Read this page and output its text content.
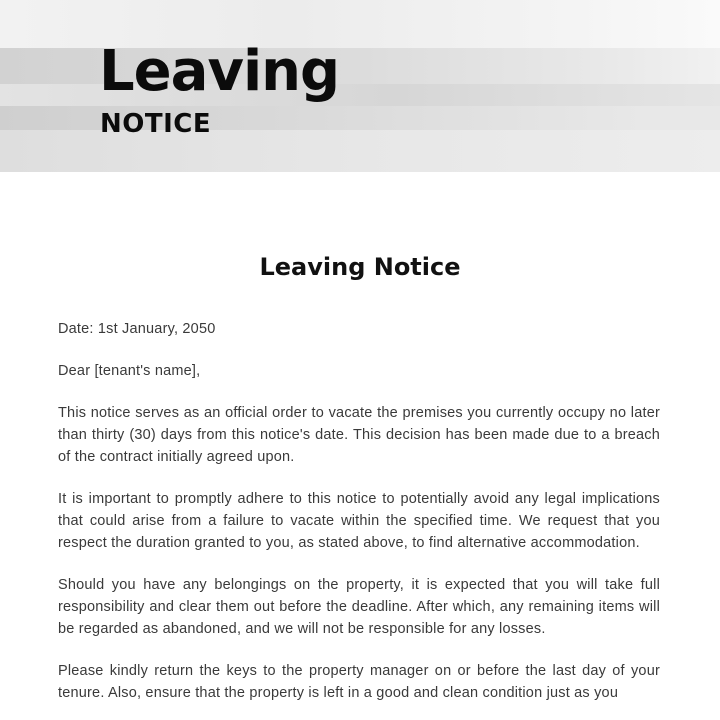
Leaving
NOTICE
Leaving Notice

Date: 1st January, 2050

Dear [tenant's name],

This notice serves as an official order to vacate the premises you currently occupy no later than thirty (30) days from this notice's date. This decision has been made due to a breach of the contract initially agreed upon.

It is important to promptly adhere to this notice to potentially avoid any legal implications that could arise from a failure to vacate within the specified time. We request that you respect the duration granted to you, as stated above, to find alternative accommodation.

Should you have any belongings on the property, it is expected that you will take full responsibility and clear them out before the deadline. After which, any remaining items will be regarded as abandoned, and we will not be responsible for any losses.

Please kindly return the keys to the property manager on or before the last day of your tenure. Also, ensure that the property is left in a good and clean condition just as you
